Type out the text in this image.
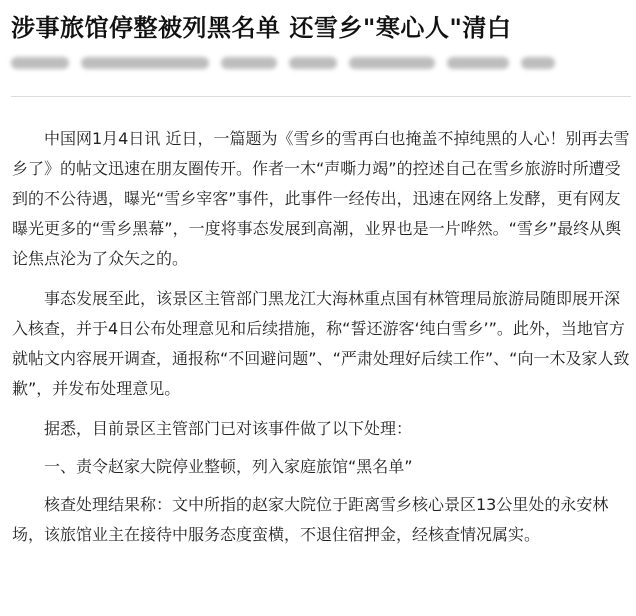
涉事旅馆停整被列黑名单 还雪乡"寒心人"清白

中国网1月4日讯 近日，一篇题为《雪乡的雪再白也掩盖不掉纯黑的人心！别再去雪乡了》的帖文迅速在朋友圈传开。作者一木“声嘶力竭”的控述自己在雪乡旅游时所遭受到的不公待遇，曝光“雪乡宰客”事件，此事件一经传出，迅速在网络上发酵，更有网友曝光更多的“雪乡黑幕”，一度将事态发展到高潮，业界也是一片哗然。“雪乡”最终从舆论焦点沦为了众矢之的。

事态发展至此，该景区主管部门黑龙江大海林重点国有林管理局旅游局随即展开深入核查，并于4日公布处理意见和后续措施，称“誓还游客‘纯白雪乡’”。此外，当地官方就帖文内容展开调查，通报称“不回避问题”、“严肃处理好后续工作”、“向一木及家人致歉”，并发布处理意见。

据悉，目前景区主管部门已对该事件做了以下处理：

一、责令赵家大院停业整顿，列入家庭旅馆“黑名单”

核查处理结果称：文中所指的赵家大院位于距离雪乡核心景区13公里处的永安林场，该旅馆业主在接待中服务态度蛮横，不退住宿押金，经核查情况属实。
